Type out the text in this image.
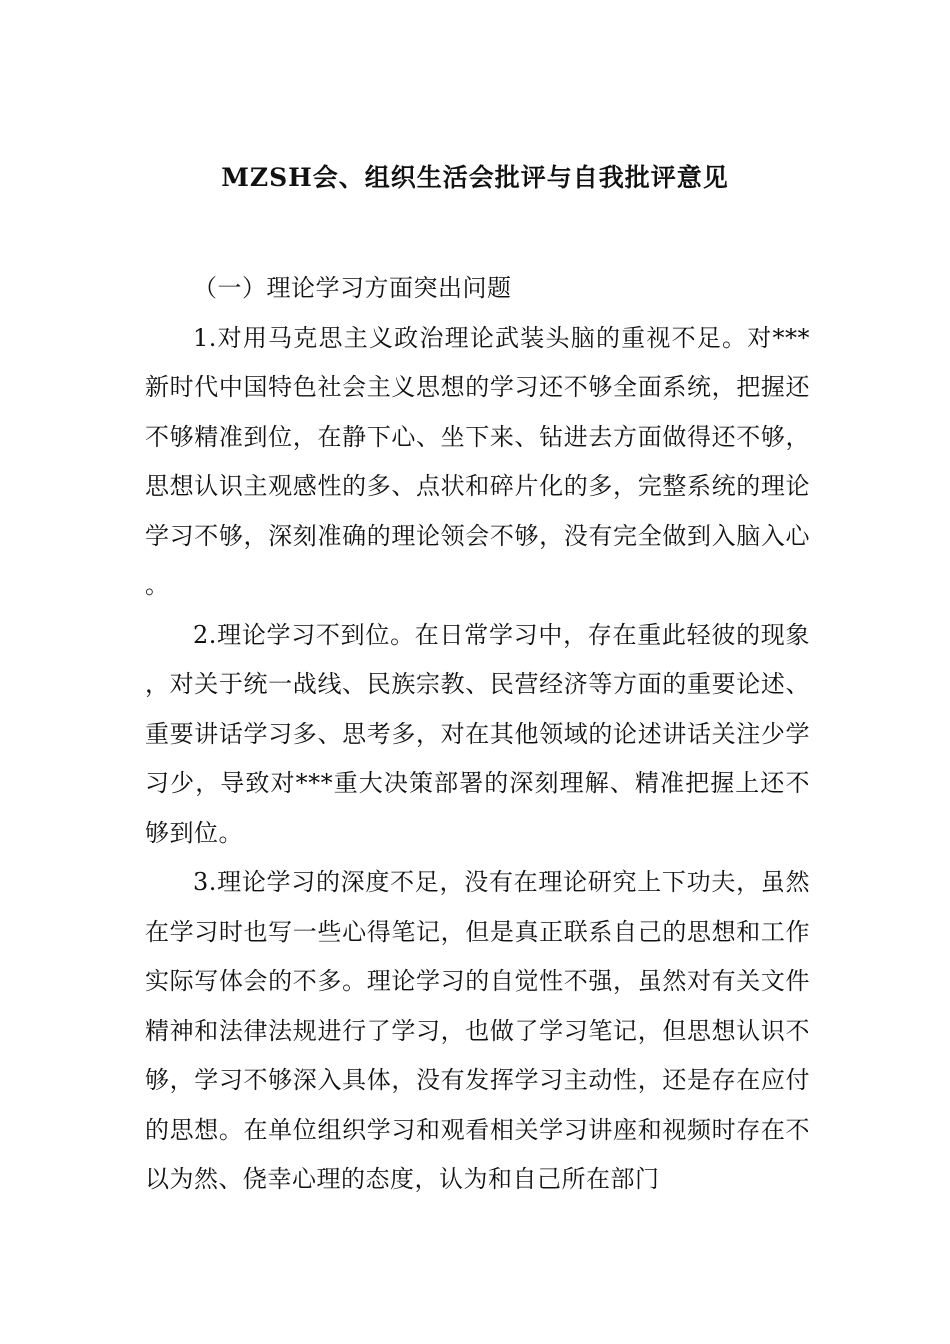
MZSH会、组织生活会批评与自我批评意见

（一）理论学习方面突出问题

1.对用马克思主义政治理论武装头脑的重视不足。对***新时代中国特色社会主义思想的学习还不够全面系统，把握还不够精准到位，在静下心、坐下来、钻进去方面做得还不够，思想认识主观感性的多、点状和碎片化的多，完整系统的理论学习不够，深刻准确的理论领会不够，没有完全做到入脑入心。

2.理论学习不到位。在日常学习中，存在重此轻彼的现象，对关于统一战线、民族宗教、民营经济等方面的重要论述、重要讲话学习多、思考多，对在其他领域的论述讲话关注少学习少，导致对***重大决策部署的深刻理解、精准把握上还不够到位。

3.理论学习的深度不足，没有在理论研究上下功夫，虽然在学习时也写一些心得笔记，但是真正联系自己的思想和工作实际写体会的不多。理论学习的自觉性不强，虽然对有关文件精神和法律法规进行了学习，也做了学习笔记，但思想认识不够，学习不够深入具体，没有发挥学习主动性，还是存在应付的思想。在单位组织学习和观看相关学习讲座和视频时存在不以为然、侥幸心理的态度，认为和自己所在部门
